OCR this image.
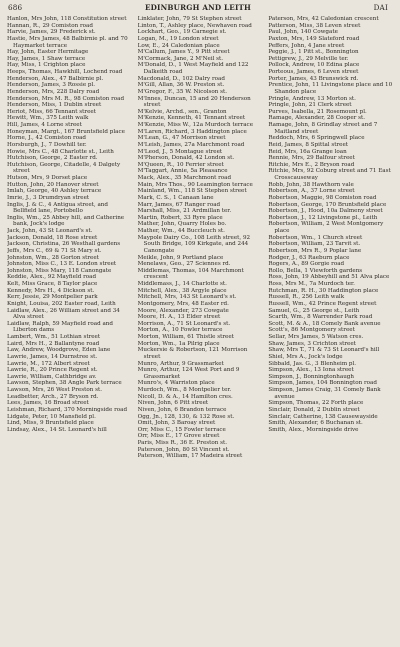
686	EDINBURGH AND LEITH	DAI
Hanlon, Mrs John, 118 Constitution street
Hannan, R., 29 Comiston road
Harvie, James, 29 Frederick st.
Hastie, Mrs James, 48 Balbirnie pl. and 70 Haymarket terrace
Hay, John, Easter Hermitage
Hay, James, 1 Shaw terrace
Hay, Miss, 1 Crighton place
Heeps, Thomas, Hawkhill, Lochend road
Henderson, Alex., 47 Balbirnie pl.
Henderson, James, 3 Rossie pl.
Henderson, Mrs, 228 Dalry road
Henderson, Mrs M. R., 98 Comiston road
Henderson, Miss, 1 Dublin street
Heriot, Miss, 66 Tennant street
Hewitt, Wm., 375 Leith walk
Hill, James, 4 Lorne street
Honeyman, Margt., 167 Bruntsfield place
Horne, J., 42 Comiston road
Horsburgh, J., 7 Dowhill ter.
Howie, Mrs C., 48 Charlotte st., Leith
Hutchison, George, 2 Easter rd.
Hutchison, George, Citadelle, 4 Dalgety street
Hutson, Mrs, 9 Dorset place
Hutton, John, 20 Hanover street
Imlah, George, 40 Ashley terrace
Imrie, J., 3 Drumdryan street
Inglis, J. & C., 4 Antigua street, and Bellfield lane, Portobello
Inglis, Wm., 25 Abbey hill, and Catherine bank, Jock's lodge
Jack, John, 43 St Leonard's st.
Jackson, Donald, 18 Rose street
Jackson, Christina, 26 Westhall gardens
Jeffs, Mrs C., 69 & 71 St Mary st.
Johnston, Wm., 28 Gorton street
Johnston, Miss C., 13 E. London street
Johnston, Miss Mary, 118 Canongate
Keddie, Alex., 92 Mayfield road
Kelt, Miss Grace, 8 Taylor place
Kennedy, Mrs H., 4 Dickson st.
Kerr, Jessie, 29 Montpelier park
Knight, Louisa, 202 Easter road, Leith
Laidlaw, Alex., 26 William street and 34 Alva street
Laidlaw, Ralph, 59 Mayfield road and Liberton dams
Lambert, Wm., 51 Lothian street
Laird, Mrs H., 2 Ballantyne road
Law, Andrew, Woodgrove, Eden lane
Lawrie, James, 14 Durnstree st.
Lawrie, M., 172 Albert street
Lawrie, R., 20 Prince Regent st.
Lawrie, William, Cathbridge av.
Lawson, Stephen, 38 Angle Park terrace
Lawson, Mrs, 26 West Preston st.
Leadbetter, Arch., 27 Bryson rd.
Lees, James, 16 Broad street
Leishman, Richard, 370 Morningside road
Lidgate, Peter, 10 Mansfield pl.
Lind, Miss, 9 Bruntsfield place
Lindsay, Alex., 14 St. Leonard's hill
Linklater, John, 79 St Stephen street
Linton, T., Ashley place, Newhaven road
Lockhart, Geo., 19 Carnegie st.
Logan, M., 19 London street
Low, E., 24 Caledonian place
M'Callum, James Y., 9 Pitt street
M'Cormack, Jane, 2 M'Neil st.
M'Donald, D., 1 West Mayfield and 122 Dalkeith road
Macdonald, D., 102 Dalry road
M'Gill, Allan, 36 W. Preston st.
M'Gregor, F., 35 W. Nicolson st.
M'Innes, Duncan, 15 and 20 Henderson street
M'Kelvie, Archd., sen., Granton
M'Kenzie, Kenneth, 41 Tennant street
M'Kenzie, Miss W., 12a Murdoch terrace
M'Laren, Richard, 3 Haddington place
M'Lean, G., 47 Morrison street
M'Leish, James, 27a Marchmont road
M'Leod, J., 5 Montague street
M'Pherson, Donald, 42 London st.
M'Queen, R., 10 Ferrier street
M'Taggart, Annie, 5a Pleasance
Mack, Alex., 35 Marchmont road
Main, Mrs Thos., 90 Leamington terrace
Mainland, Wm., 118 St Stephen street
Mark, C. S., 1 Canaan lane
Marr, James, 67 Ranger road
Marshall, Miss, 21 Ardmillan ter.
Martin, Robert, 33 Ryre place
Mather, John, Quarry Holes bo.
Mather, Wm., 44 Buccleuch st.
Maypole Dairy Co., 108 Leith street, 92 South Bridge, 109 Kirkgate, and 244 Canongate
Meikle, John, 9 Portland place
Menelaws, Geo., 27 Sciennes rd.
Middlemas, Thomas, 104 Marchmont crescent
Middlemass, J., 14 Charlotte st.
Mitchell, Alex., 38 Argyle place
Mitchell, Mrs, 143 St Leonard's st.
Montgomery, Mrs, 48 Easter rd.
Moore, Alexander, 273 Cowgate
Moore, H. A., 13 Elder street
Morrison, A., 71 St Leonard's st.
Morton, A., 10 Fowler terrace
Morton, William, 61 Thistle street
Morton, Wm., 1a Pilrig place
Muckersie & Robertson, 121 Morrison street
Munro, Arthur, 9 Grassmarket
Munro, Arthur, 124 West Port and 9 Grassmarket
Munro's, 4 Warriston place
Murdoch, Wm., 8 Montpelier ter.
Nicoll, D. & A., 14 Hamilton cres.
Niven, John, 6 Pitt street
Niven, John, 6 Brandon terrace
Ogg, Jn., 128, 130, & 132 Rose st.
Omit, John, 3 Baroay street
Orr, Miss C., 15 Fowler terrace
Orr, Miss E., 17 Grove street
Paris, Miss R., 36 E. Preston st.
Paterson, John, 80 St Vincent st.
Paterson, William, 17 Madeira street
Paterson, Mrs, 42 Caledonian crescent
Patterson, Miss, 38 Leven street
Paul, John, 140 Cowgate
Paxton, Mrs, 149 Slateford road
Peffers, John, 4 Jane street
Peggie, J., 1 Pitt st., Bonnington
Pettigrew, J., 29 Melville ter.
Pollock, Andrew, 10 Edina place
Porteous, James, 6 Leven street
Porter, James, 43 Brunswick rd.
Prentice, John, 11 Livingstone place and 10 Shandon place
Pringle, Andrew, 13 Morton st.
Pringle, John, 21 Clerk street
Purves, Isabella, 21 Rosemount pl.
Ramage, Alexander, 28 Cooper st.
Ramage, John, 8 Grindlay street and 7 Maitland street
Reddoch, Mrs, 6 Springwell place
Reid, James, 8 Spittal street
Reid, Mrs, 16a Grange loan
Rennie, Mrs, 29 Balfour street
Ritchie, Mrs E., 2 Bryson road
Ritchie, Mrs, 92 Coburg street and 71 East Crosscauseway
Robb, John, 38 Hawthorn vale
Robertson, A., 37 Lorne street
Robertson, Maggie, 98 Comiston road
Robertson, George, 170 Bruntsfield place
Robertson, J., Hood, 10a Dalmeny street
Robertson, J., 12 Livingstone pl., Leith
Robertson, William, 2 West Montgomery place
Robertson, Wm., 1 Church street
Robertson, William, 23 Tarvit st.
Robertson, Mrs R., 9 Poplar lane
Rodger, J., 63 Raeburn place
Rogers, A., 89 Gorgie road
Rollo, Bella, 1 Viewforth gardens
Ross, John, 19 Abbeyhill and 51 Alva place
Ross, Mrs M., 7a Murdoch ter.
Rutchman, R. H., 30 Haddington place
Russell, R., 256 Leith walk
Russell, Wm., 42 Prince Regent street
Samuel, G., 25 George st., Leith
Scarth, Wm., 8 Warrender Park road
Scott, M. & A., 18 Comely Bank avenue
Scott's, 86 Montgomery street
Sellar, Mrs James, 5 Watson cres.
Shaw, James, 3 Crichton street
Shaw, Mrs T., 71 & 73 St Leonard's hill
Shiel, Mrs A., Jock's lodge
Sibbald, Jas. G., 3 Blenheim pl.
Simpson, Alex., 13 Iona street
Simpson, J., Bonningtonhaugh
Simpson, James, 104 Bonnington road
Simpson, James Craig, 31 Comely Bank avenue
Simpson, Thomas, 22 Forth place
Sinclair, Donald, 2 Dublin street
Sinclair, Catherine, 138 Causewayside
Smith, Alexander, 6 Buchanan st.
Smith, Alex., Morningside drive
